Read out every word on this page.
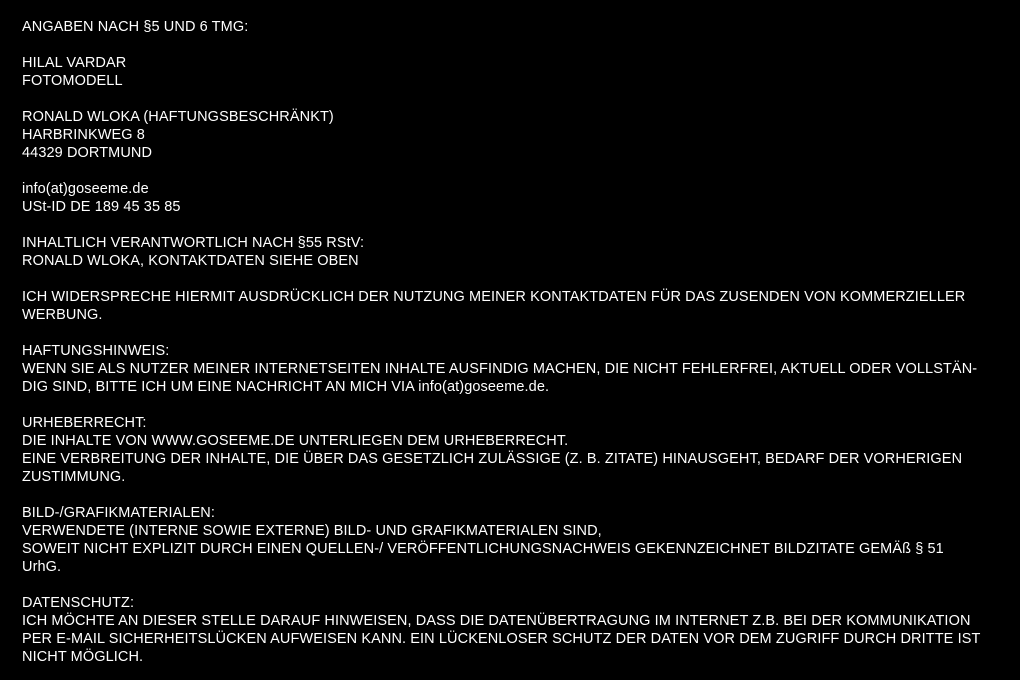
ANGABEN NACH §5 UND 6 TMG:
HILAL VARDAR
FOTOMODELL
RONALD WLOKA (HAFTUNGSBESCHRÄNKT)
HARBRINKWEG 8
44329 DORTMUND
info(at)goseeme.de
USt-ID DE 189 45 35 85
INHALTLICH VERANTWORTLICH NACH §55 RStV:
RONALD WLOKA, KONTAKTDATEN SIEHE OBEN
ICH WIDERSPRECHE HIERMIT AUSDRÜCKLICH DER NUTZUNG MEINER KONTAKTDATEN FÜR DAS ZUSENDEN VON KOMMERZIELLER
WERBUNG.
HAFTUNGSHINWEIS:
WENN SIE ALS NUTZER MEINER INTERNETSEITEN INHALTE AUSFINDIG MACHEN, DIE NICHT FEHLERFREI, AKTUELL ODER VOLLSTÄN-
DIG SIND, BITTE ICH UM EINE NACHRICHT AN MICH VIA info(at)goseeme.de.
URHEBERRECHT:
DIE INHALTE VON WWW.GOSEEME.DE UNTERLIEGEN DEM URHEBERRECHT.
EINE VERBREITUNG DER INHALTE, DIE ÜBER DAS GESETZLICH ZULÄSSIGE (Z. B. ZITATE) HINAUSGEHT, BEDARF DER VORHERIGEN
ZUSTIMMUNG.
BILD-/GRAFIKMATERIALEN:
VERWENDETE (INTERNE SOWIE EXTERNE) BILD- UND GRAFIKMATERIALEN SIND,
SOWEIT NICHT EXPLIZIT DURCH EINEN QUELLEN-/ VERÖFFENTLICHUNGSNACHWEIS GEKENNZEICHNET BILDZITATE GEMÄß § 51
UrhG.
DATENSCHUTZ:
ICH MÖCHTE AN DIESER STELLE DARAUF HINWEISEN, DASS DIE DATENÜBERTRAGUNG IM INTERNET Z.B. BEI DER KOMMUNIKATION
PER E-MAIL SICHERHEITSLÜCKEN AUFWEISEN KANN. EIN LÜCKENLOSER SCHUTZ DER DATEN VOR DEM ZUGRIFF DURCH DRITTE IST
NICHT MÖGLICH.
